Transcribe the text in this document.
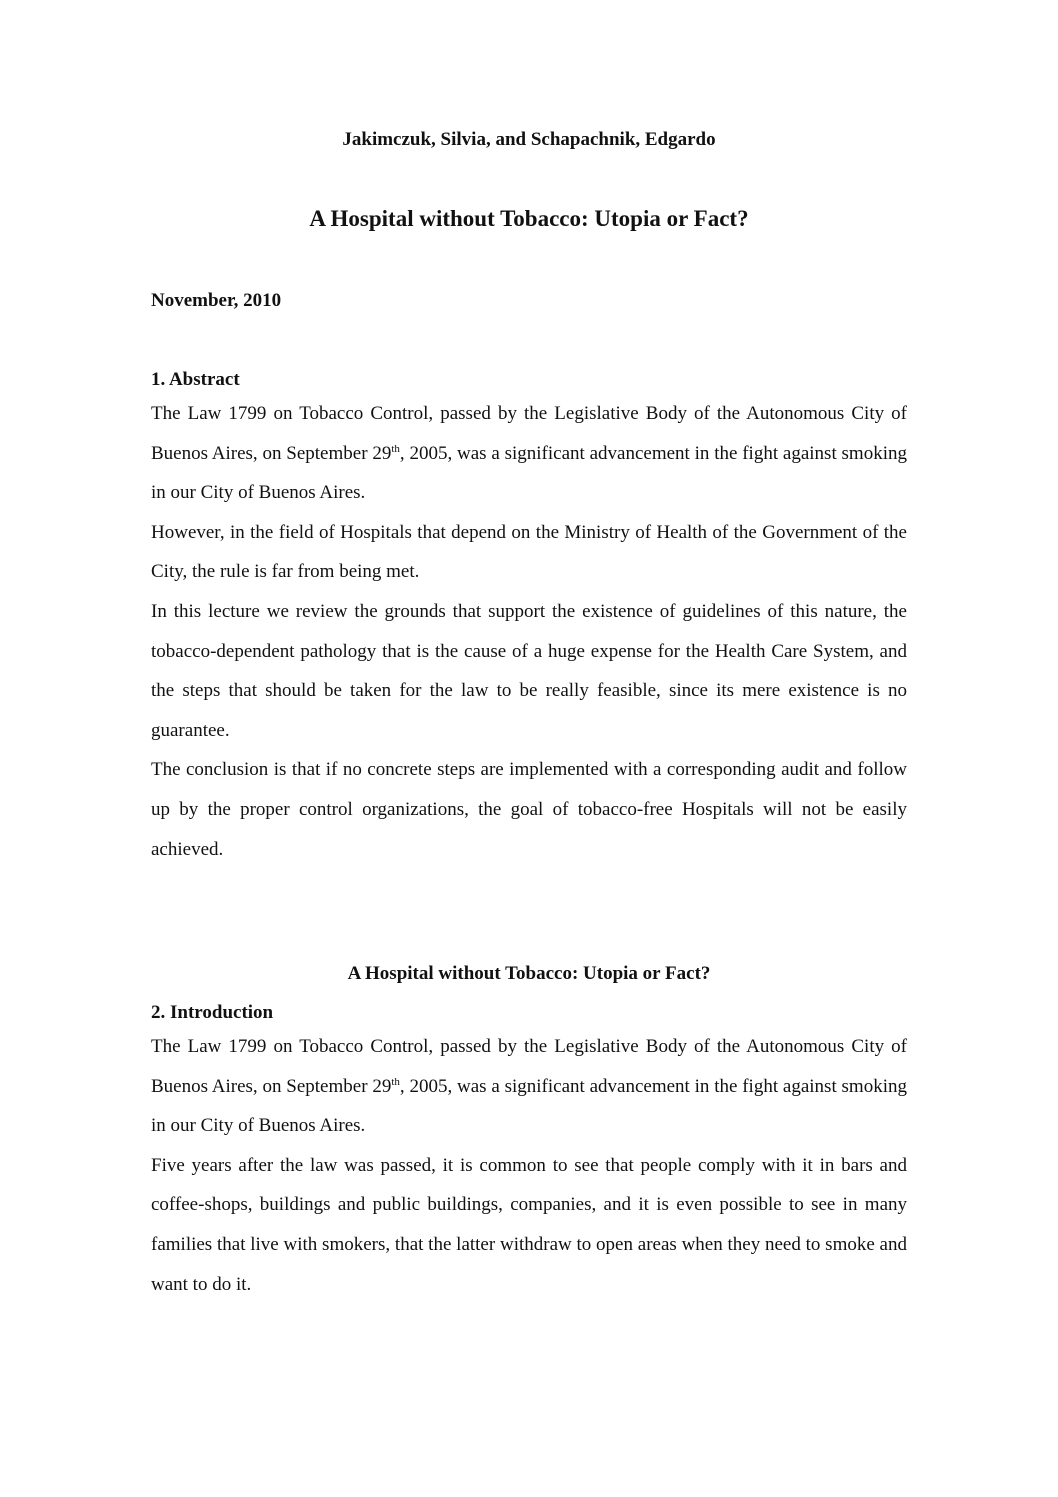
Jakimczuk, Silvia, and Schapachnik, Edgardo
A Hospital without Tobacco: Utopia or Fact?
November, 2010
1. Abstract

The Law 1799 on Tobacco Control, passed by the Legislative Body of the Autonomous City of Buenos Aires, on September 29th, 2005, was a significant advancement in the fight against smoking in our City of Buenos Aires.

However, in the field of Hospitals that depend on the Ministry of Health of the Government of the City, the rule is far from being met.

In this lecture we review the grounds that support the existence of guidelines of this nature, the tobacco-dependent pathology that is the cause of a huge expense for the Health Care System, and the steps that should be taken for the law to be really feasible, since its mere existence is no guarantee.

The conclusion is that if no concrete steps are implemented with a corresponding audit and follow up by the proper control organizations, the goal of tobacco-free Hospitals will not be easily achieved.

A Hospital without Tobacco: Utopia or Fact?
2. Introduction

The Law 1799 on Tobacco Control, passed by the Legislative Body of the Autonomous City of Buenos Aires, on September 29th, 2005, was a significant advancement in the fight against smoking in our City of Buenos Aires.

Five years after the law was passed, it is common to see that people comply with it in bars and coffee-shops, buildings and public buildings, companies, and it is even possible to see in many families that live with smokers, that the latter withdraw to open areas when they need to smoke and want to do it.
